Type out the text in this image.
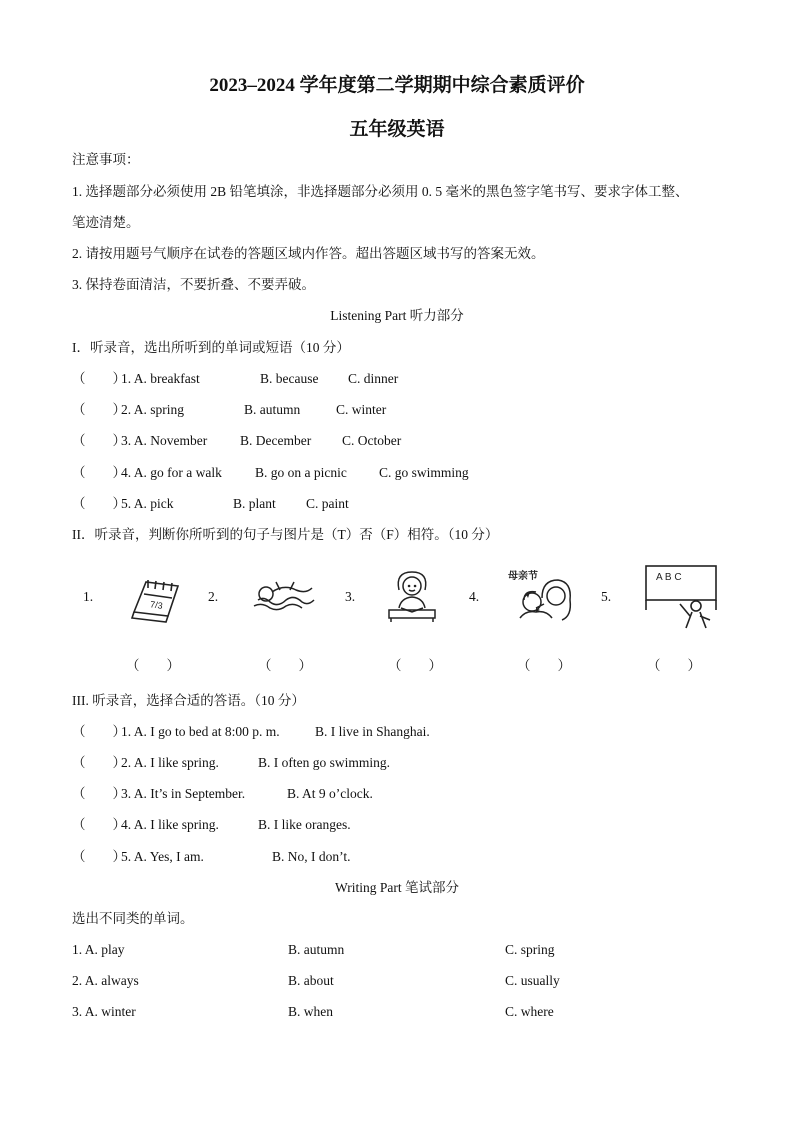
2023–2024 学年度第二学期期中综合素质评价
五年级英语
注意事项：
1. 选择题部分必须使用 2B 铅笔填涂，非选择题部分必须用 0. 5 毫米的黑色签字笔书写、要求字体工整、
笔迹清楚。
2. 请按用题号气顺序在试卷的答题区域内作答。超出答题区域书写的答案无效。
3. 保持卷面清洁，不要折叠、不要弄破。
Listening Part 听力部分
I．听录音，选出所听到的单词或短语（10 分）
（　　）
1. A. breakfast	B. because C. dinner
（　　）
2. A. spring	B. autumn	C. winter
（　　）
3. A. November B. December C. October
（　　）
4. A. go for a walk B. go on a picnic C. go swimming
（　　）
5. A. pick	B. plant C. paint
II．听录音，判断你所听到的句子与图片是（T）否（F）相符。（10 分）
1.	2.	3.	4.	5.
7/3
母亲节	A B C
（　　）	（　　）	（　　）	（　　）	（　　）
III. 听录音，选择合适的答语。（10 分）
（　　）
1. A. I go to bed at 8:00 p. m.	B. I live in Shanghai.
（　　）
2. A. I like spring.	B. I often go swimming.
（　　）
3. A. It’s in September.	B. At 9 o’clock.
（　　）
4. A. I like spring.	B. I like oranges.
（　　）
5. A. Yes, I am.	B. No, I don’t.
Writing Part 笔试部分
选出不同类的单词。
1. A. play	B. autumn	C. spring
2. A. always	B. about	C. usually
3. A. winter	B. when	C. where
